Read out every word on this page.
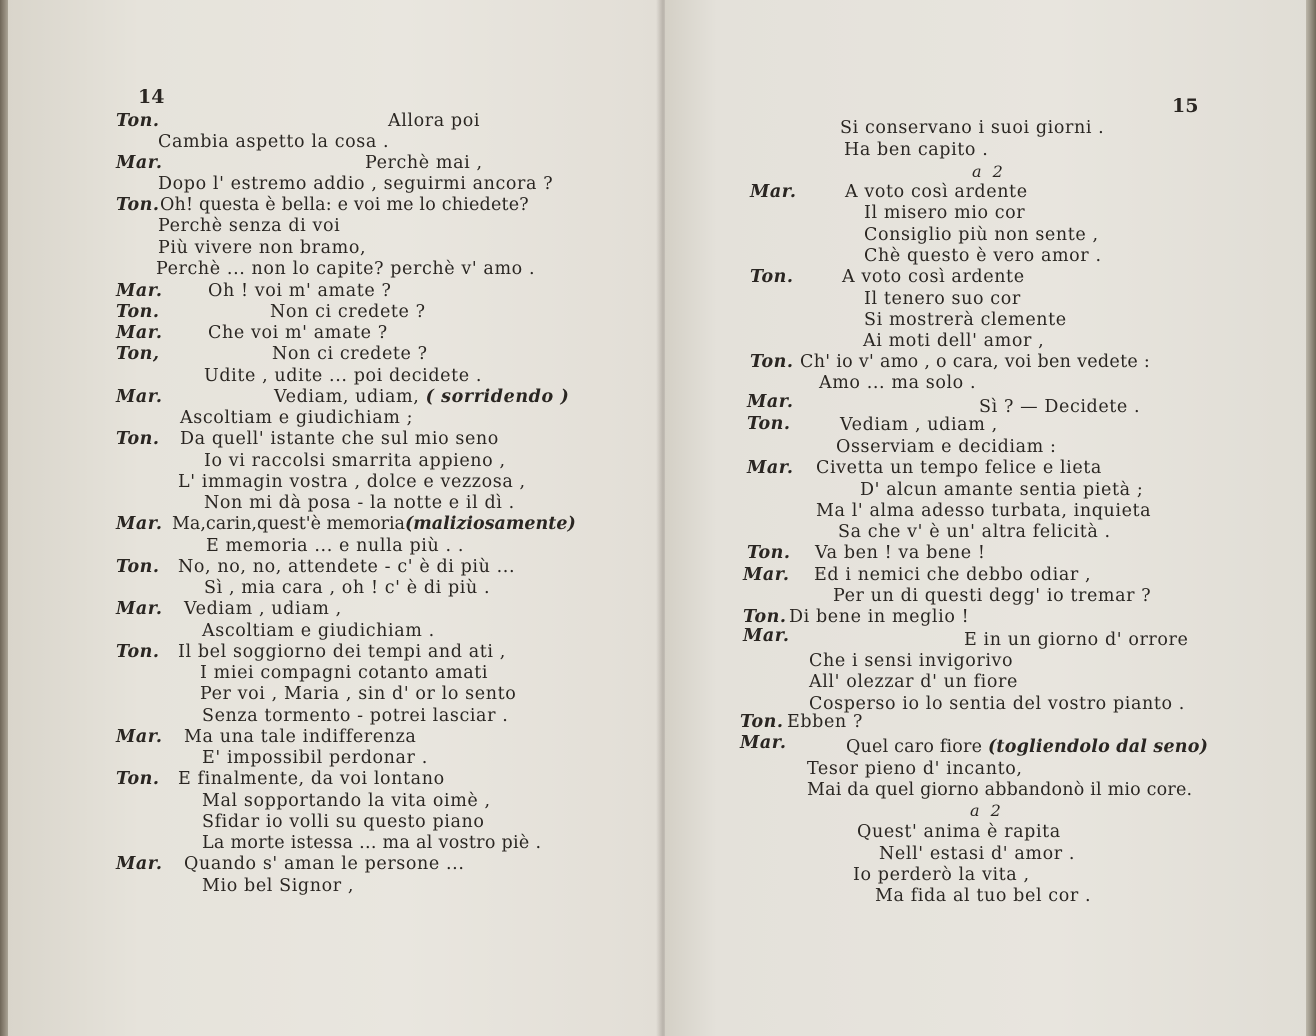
14
Ton.	Allora poi
Cambia aspetto la cosa .
Mar.	Perchè mai ,
Dopo l' estremo addio , seguirmi ancora ?
Ton. Oh! questa è bella: e voi me lo chiedete?
Perchè senza di voi
Più vivere non bramo,
Perchè ... non lo capite? perchè v' amo .
Mar.	Oh ! voi m' amate ?
Ton.	Non ci credete ?
Mar.	Che voi m' amate ?
Ton,	Non ci credete ?
Udite , udite ... poi decidete .
Mar.	Vediam, udiam, ( sorridendo )
Ascoltiam e giudichiam ;
Ton. Da quell' istante che sul mio seno
Io vi raccolsi smarrita appieno ,
L' immagin vostra , dolce e vezzosa ,
Non mi dà posa - la notte e il dì .
Mar. Ma,carin,quest'è memoria(maliziosamente)
E memoria ... e nulla più . .
Ton. No, no, no, attendete - c' è di più ...
Sì , mia cara , oh ! c' è di più .
Mar. Vediam , udiam ,
Ascoltiam e giudichiam .
Ton. Il bel soggiorno dei tempi and ati ,
I miei compagni cotanto amati
Per voi , Maria , sin d' or lo sento
Senza tormento - potrei lasciar .
Mar. Ma una tale indifferenza
E' impossibil perdonar .
Ton. E finalmente, da voi lontano
Mal sopportando la vita oimè ,
Sfidar io volli su questo piano
La morte istessa ... ma al vostro piè .
Mar. Quando s' aman le persone ...
Mio bel Signor ,
15
Si conservano i suoi giorni .
Ha ben capito .
a 2
Mar.	A voto così ardente
Il misero mio cor
Consiglio più non sente ,
Chè questo è vero amor .
Ton.	A voto così ardente
Il tenero suo cor
Si mostrerà clemente
Ai moti dell' amor ,
Ton. Ch' io v' amo , o cara, voi ben vedete :
Amo ... ma solo .
Mar.	Sì ? — Decidete .
Ton.	Vediam , udiam ,
Osserviam e decidiam :
Mar. Civetta un tempo felice e lieta
D' alcun amante sentia pietà ;
Ma l' alma adesso turbata, inquieta
Sa che v' è un' altra felicità .
Ton. Va ben ! va bene !
Mar. Ed i nemici che debbo odiar ,
Per un di questi degg' io tremar ?
Ton. Di bene in meglio !
Mar.	E in un giorno d' orrore
Che i sensi invigorivo
All' olezzar d' un fiore
Cosperso io lo sentia del vostro pianto .
Ton. Ebben ?
Mar.	Quel caro fiore (togliendolo dal seno)
Tesor pieno d' incanto,
Mai da quel giorno abbandonò il mio core.
a 2
Quest' anima è rapita
Nell' estasi d' amor .
Io perderò la vita ,
Ma fida al tuo bel cor .
